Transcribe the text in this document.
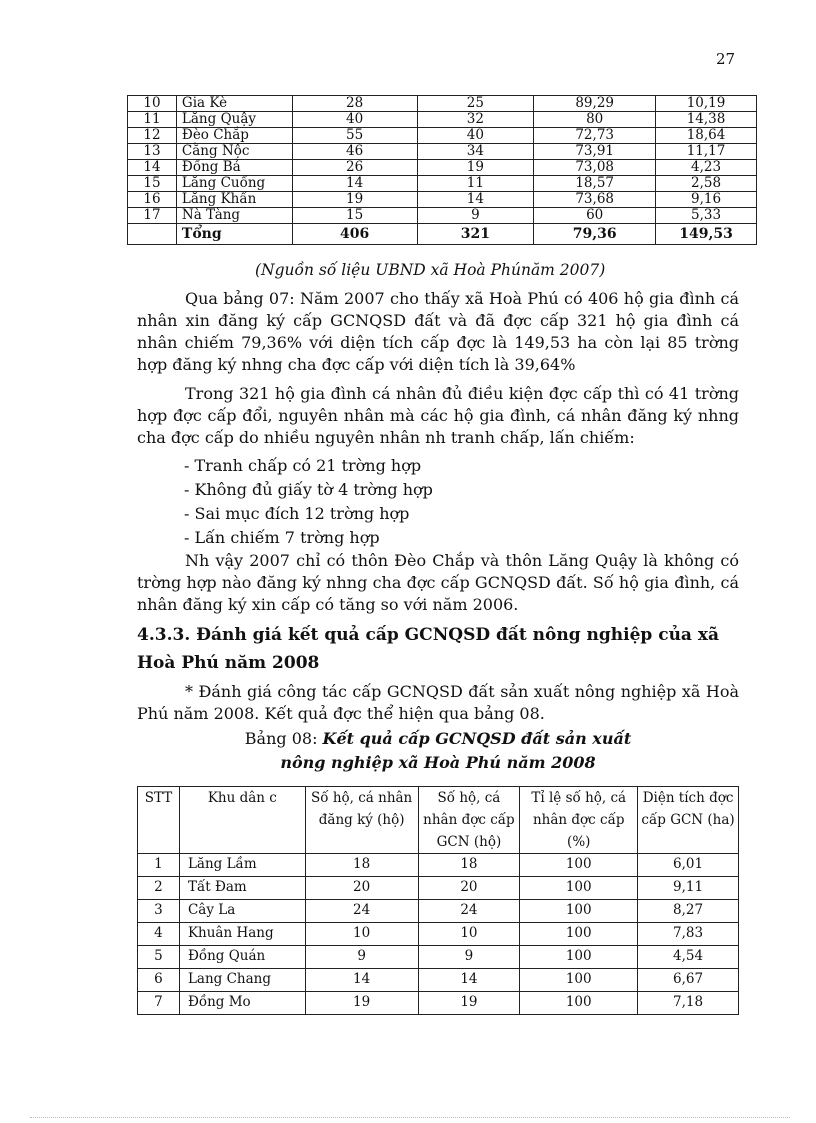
27
10	Gia Kè	28	25	89,29	10,19
11	Lăng Quậy	40	32	80	14,38
12	Đèo Chắp	55	40	72,73	18,64
13	Cằng Nộc	46	34	73,91	11,17
14	Đồng Bả	26	19	73,08	4,23
15	Lăng Cuống	14	11	18,57	2,58
16	Lăng Khấn	19	14	73,68	9,16
17	Nà Tàng	15	9	60	5,33
	Tổng	406	321	79,36	149,53
(Nguồn số liệu UBND xã Hoà Phúnăm 2007)
Qua bảng 07: Năm 2007 cho thấy xã Hoà Phú có 406 hộ gia đình cá nhân xin đăng ký cấp GCNQSD đất và đã đợc cấp 321 hộ gia đình cá nhân chiếm 79,36% với diện tích cấp đợc là 149,53 ha còn lại 85 trờng hợp đăng ký nhng cha đợc cấp với diện tích là 39,64%
Trong 321 hộ gia đình cá nhân đủ điều kiện đợc cấp thì có 41 trờng hợp đợc cấp đổi, nguyên nhân mà các hộ gia đình, cá nhân đăng ký nhng cha đợc cấp do nhiều nguyên nhân nh tranh chấp, lấn chiếm:
- Tranh chấp có 21 trờng hợp
- Không đủ giấy tờ 4 trờng hợp
- Sai mục đích 12 trờng hợp
- Lấn chiếm 7 trờng hợp
Nh vậy 2007 chỉ có thôn Đèo Chắp và thôn Lăng Quậy là không có trờng hợp nào đăng ký nhng cha đợc cấp GCNQSD đất. Số hộ gia đình, cá nhân đăng ký xin cấp có tăng so với năm 2006.
4.3.3. Đánh giá kết quả cấp GCNQSD đất nông nghiệp của xã Hoà Phú năm 2008
* Đánh giá công tác cấp GCNQSD đất sản xuất nông nghiệp xã Hoà Phú năm 2008. Kết quả đợc thể hiện qua bảng 08.
Bảng 08: Kết quả cấp GCNQSD đất sản xuất
nông nghiệp xã Hoà Phú năm 2008
STT	Khu dân c	Số hộ, cá nhân đăng ký (hộ)	Số hộ, cá nhân đợc cấp GCN (hộ)	Tỉ lệ số hộ, cá nhân đợc cấp (%)	Diện tích đợc cấp GCN (ha)
1	Lăng Lầm	18	18	100	6,01
2	Tất Đam	20	20	100	9,11
3	Cây La	24	24	100	8,27
4	Khuân Hang	10	10	100	7,83
5	Đồng Quán	9	9	100	4,54
6	Lang Chang	14	14	100	6,67
7	Đồng Mo	19	19	100	7,18
